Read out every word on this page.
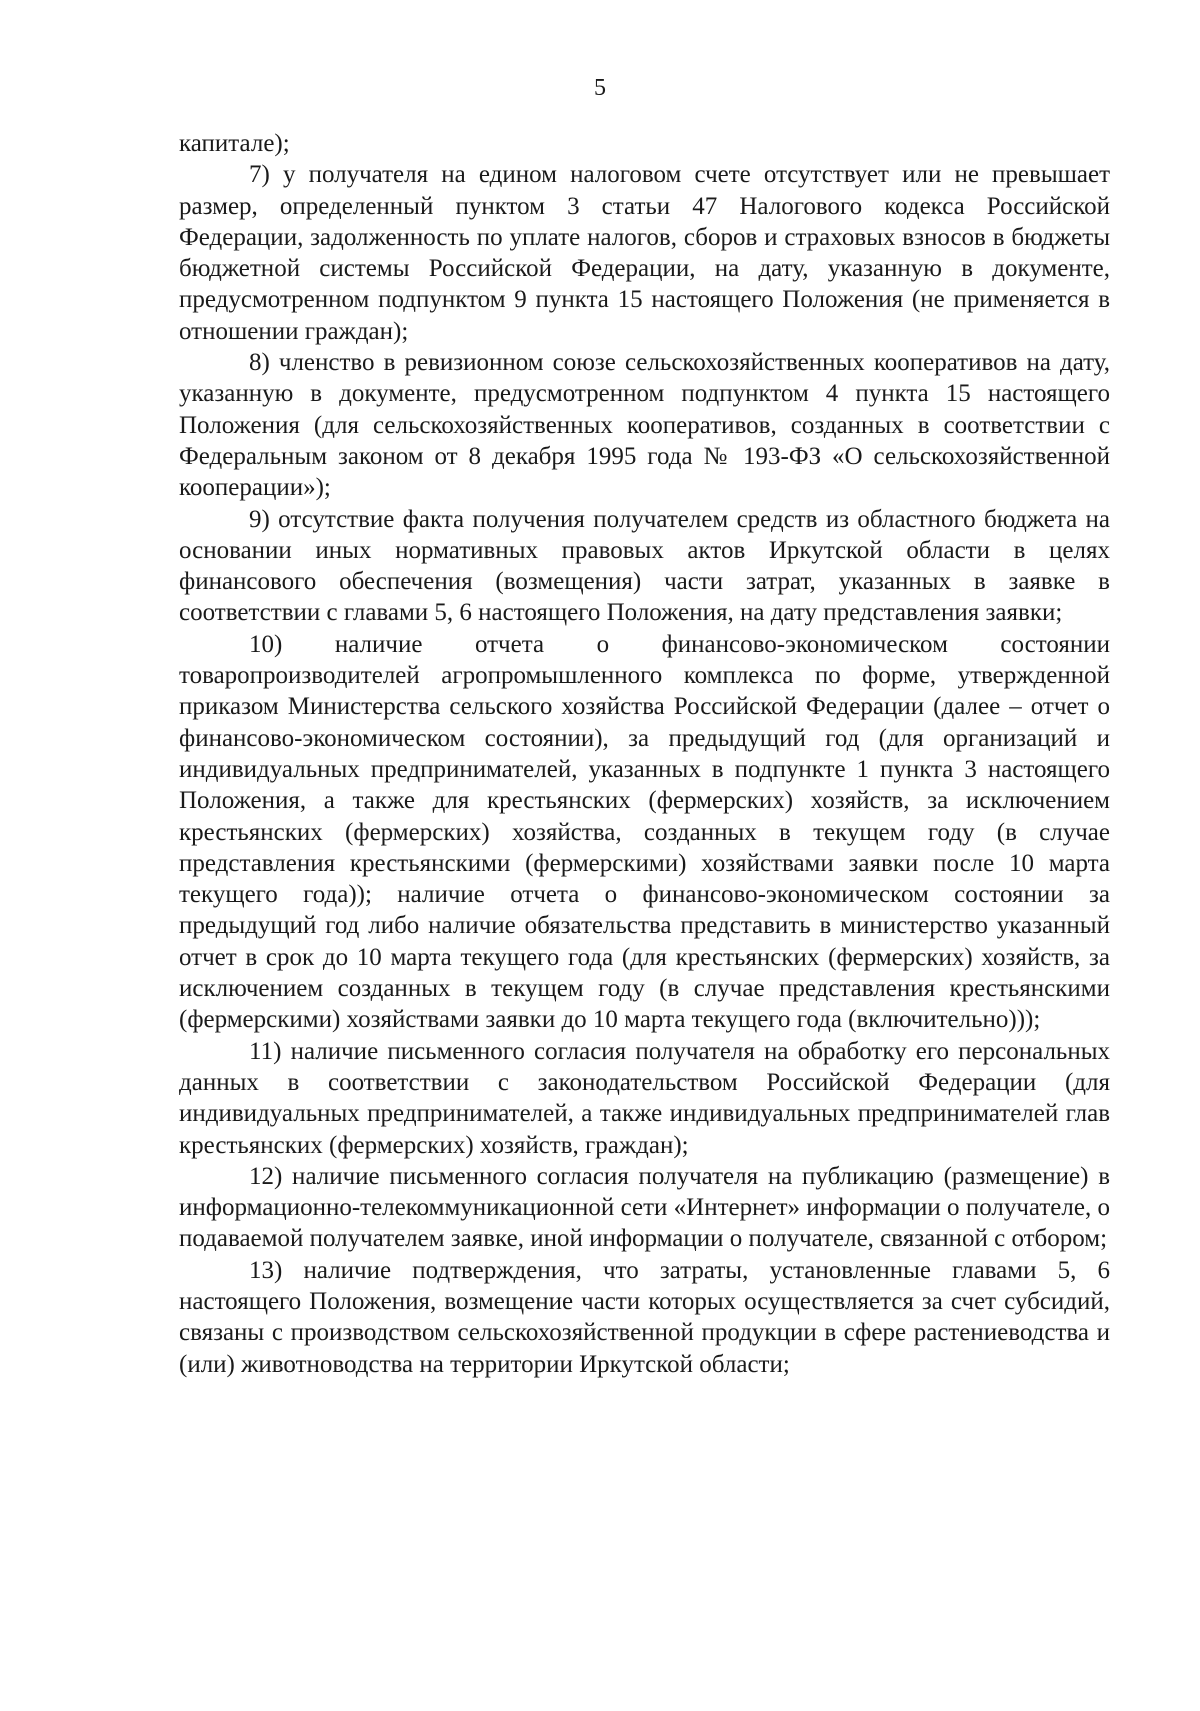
5

капитале);

7) у получателя на едином налоговом счете отсутствует или не превышает размер, определенный пунктом 3 статьи 47 Налогового кодекса Российской Федерации, задолженность по уплате налогов, сборов и страховых взносов в бюджеты бюджетной системы Российской Федерации, на дату, указанную в документе, предусмотренном подпунктом 9 пункта 15 настоящего Положения (не применяется в отношении граждан);

8) членство в ревизионном союзе сельскохозяйственных кооперативов на дату, указанную в документе, предусмотренном подпунктом 4 пункта 15 настоящего Положения (для сельскохозяйственных кооперативов, созданных в соответствии с Федеральным законом от 8 декабря 1995 года № 193-ФЗ «О сельскохозяйственной кооперации»);

9) отсутствие факта получения получателем средств из областного бюджета на основании иных нормативных правовых актов Иркутской области в целях финансового обеспечения (возмещения) части затрат, указанных в заявке в соответствии с главами 5, 6 настоящего Положения, на дату представления заявки;

10) наличие отчета о финансово-экономическом состоянии товаропроизводителей агропромышленного комплекса по форме, утвержденной приказом Министерства сельского хозяйства Российской Федерации (далее – отчет о финансово-экономическом состоянии), за предыдущий год (для организаций и индивидуальных предпринимателей, указанных в подпункте 1 пункта 3 настоящего Положения, а также для крестьянских (фермерских) хозяйств, за исключением крестьянских (фермерских) хозяйства, созданных в текущем году (в случае представления крестьянскими (фермерскими) хозяйствами заявки после 10 марта текущего года)); наличие отчета о финансово-экономическом состоянии за предыдущий год либо наличие обязательства представить в министерство указанный отчет в срок до 10 марта текущего года (для крестьянских (фермерских) хозяйств, за исключением созданных в текущем году (в случае представления крестьянскими (фермерскими) хозяйствами заявки до 10 марта текущего года (включительно)));

11) наличие письменного согласия получателя на обработку его персональных данных в соответствии с законодательством Российской Федерации (для индивидуальных предпринимателей, а также индивидуальных предпринимателей глав крестьянских (фермерских) хозяйств, граждан);

12) наличие письменного согласия получателя на публикацию (размещение) в информационно-телекоммуникационной сети «Интернет» информации о получателе, о подаваемой получателем заявке, иной информации о получателе, связанной с отбором;

13) наличие подтверждения, что затраты, установленные главами 5, 6 настоящего Положения, возмещение части которых осуществляется за счет субсидий, связаны с производством сельскохозяйственной продукции в сфере растениеводства и (или) животноводства на территории Иркутской области;
